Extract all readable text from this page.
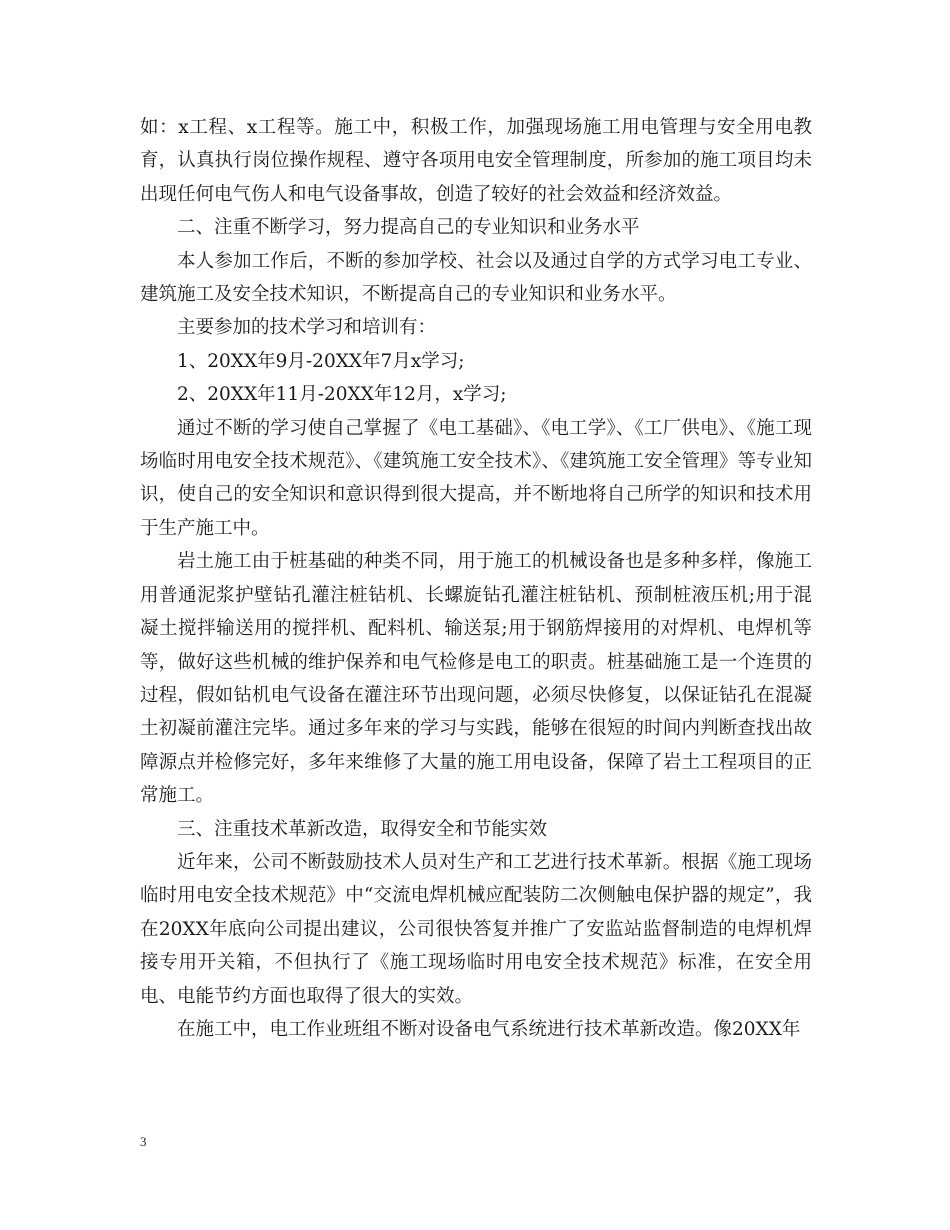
如：x工程、x工程等。施工中，积极工作，加强现场施工用电管理与安全用电教育，认真执行岗位操作规程、遵守各项用电安全管理制度，所参加的施工项目均未出现任何电气伤人和电气设备事故，创造了较好的社会效益和经济效益。

二、注重不断学习，努力提高自己的专业知识和业务水平

本人参加工作后，不断的参加学校、社会以及通过自学的方式学习电工专业、建筑施工及安全技术知识，不断提高自己的专业知识和业务水平。

主要参加的技术学习和培训有：

1、20XX年9月-20XX年7月x学习;

2、20XX年11月-20XX年12月，x学习;

通过不断的学习使自己掌握了《电工基础》、《电工学》、《工厂供电》、《施工现场临时用电安全技术规范》、《建筑施工安全技术》、《建筑施工安全管理》等专业知识，使自己的安全知识和意识得到很大提高，并不断地将自己所学的知识和技术用于生产施工中。

岩土施工由于桩基础的种类不同，用于施工的机械设备也是多种多样，像施工用普通泥浆护壁钻孔灌注桩钻机、长螺旋钻孔灌注桩钻机、预制桩液压机;用于混凝土搅拌输送用的搅拌机、配料机、输送泵;用于钢筋焊接用的对焊机、电焊机等等，做好这些机械的维护保养和电气检修是电工的职责。桩基础施工是一个连贯的过程，假如钻机电气设备在灌注环节出现问题，必须尽快修复，以保证钻孔在混凝土初凝前灌注完毕。通过多年来的学习与实践，能够在很短的时间内判断查找出故障源点并检修完好，多年来维修了大量的施工用电设备，保障了岩土工程项目的正常施工。

三、注重技术革新改造，取得安全和节能实效

近年来，公司不断鼓励技术人员对生产和工艺进行技术革新。根据《施工现场临时用电安全技术规范》中“交流电焊机械应配装防二次侧触电保护器的规定”，我在20XX年底向公司提出建议，公司很快答复并推广了安监站监督制造的电焊机焊接专用开关箱，不但执行了《施工现场临时用电安全技术规范》标准，在安全用电、电能节约方面也取得了很大的实效。

在施工中，电工作业班组不断对设备电气系统进行技术革新改造。像20XX年

3
